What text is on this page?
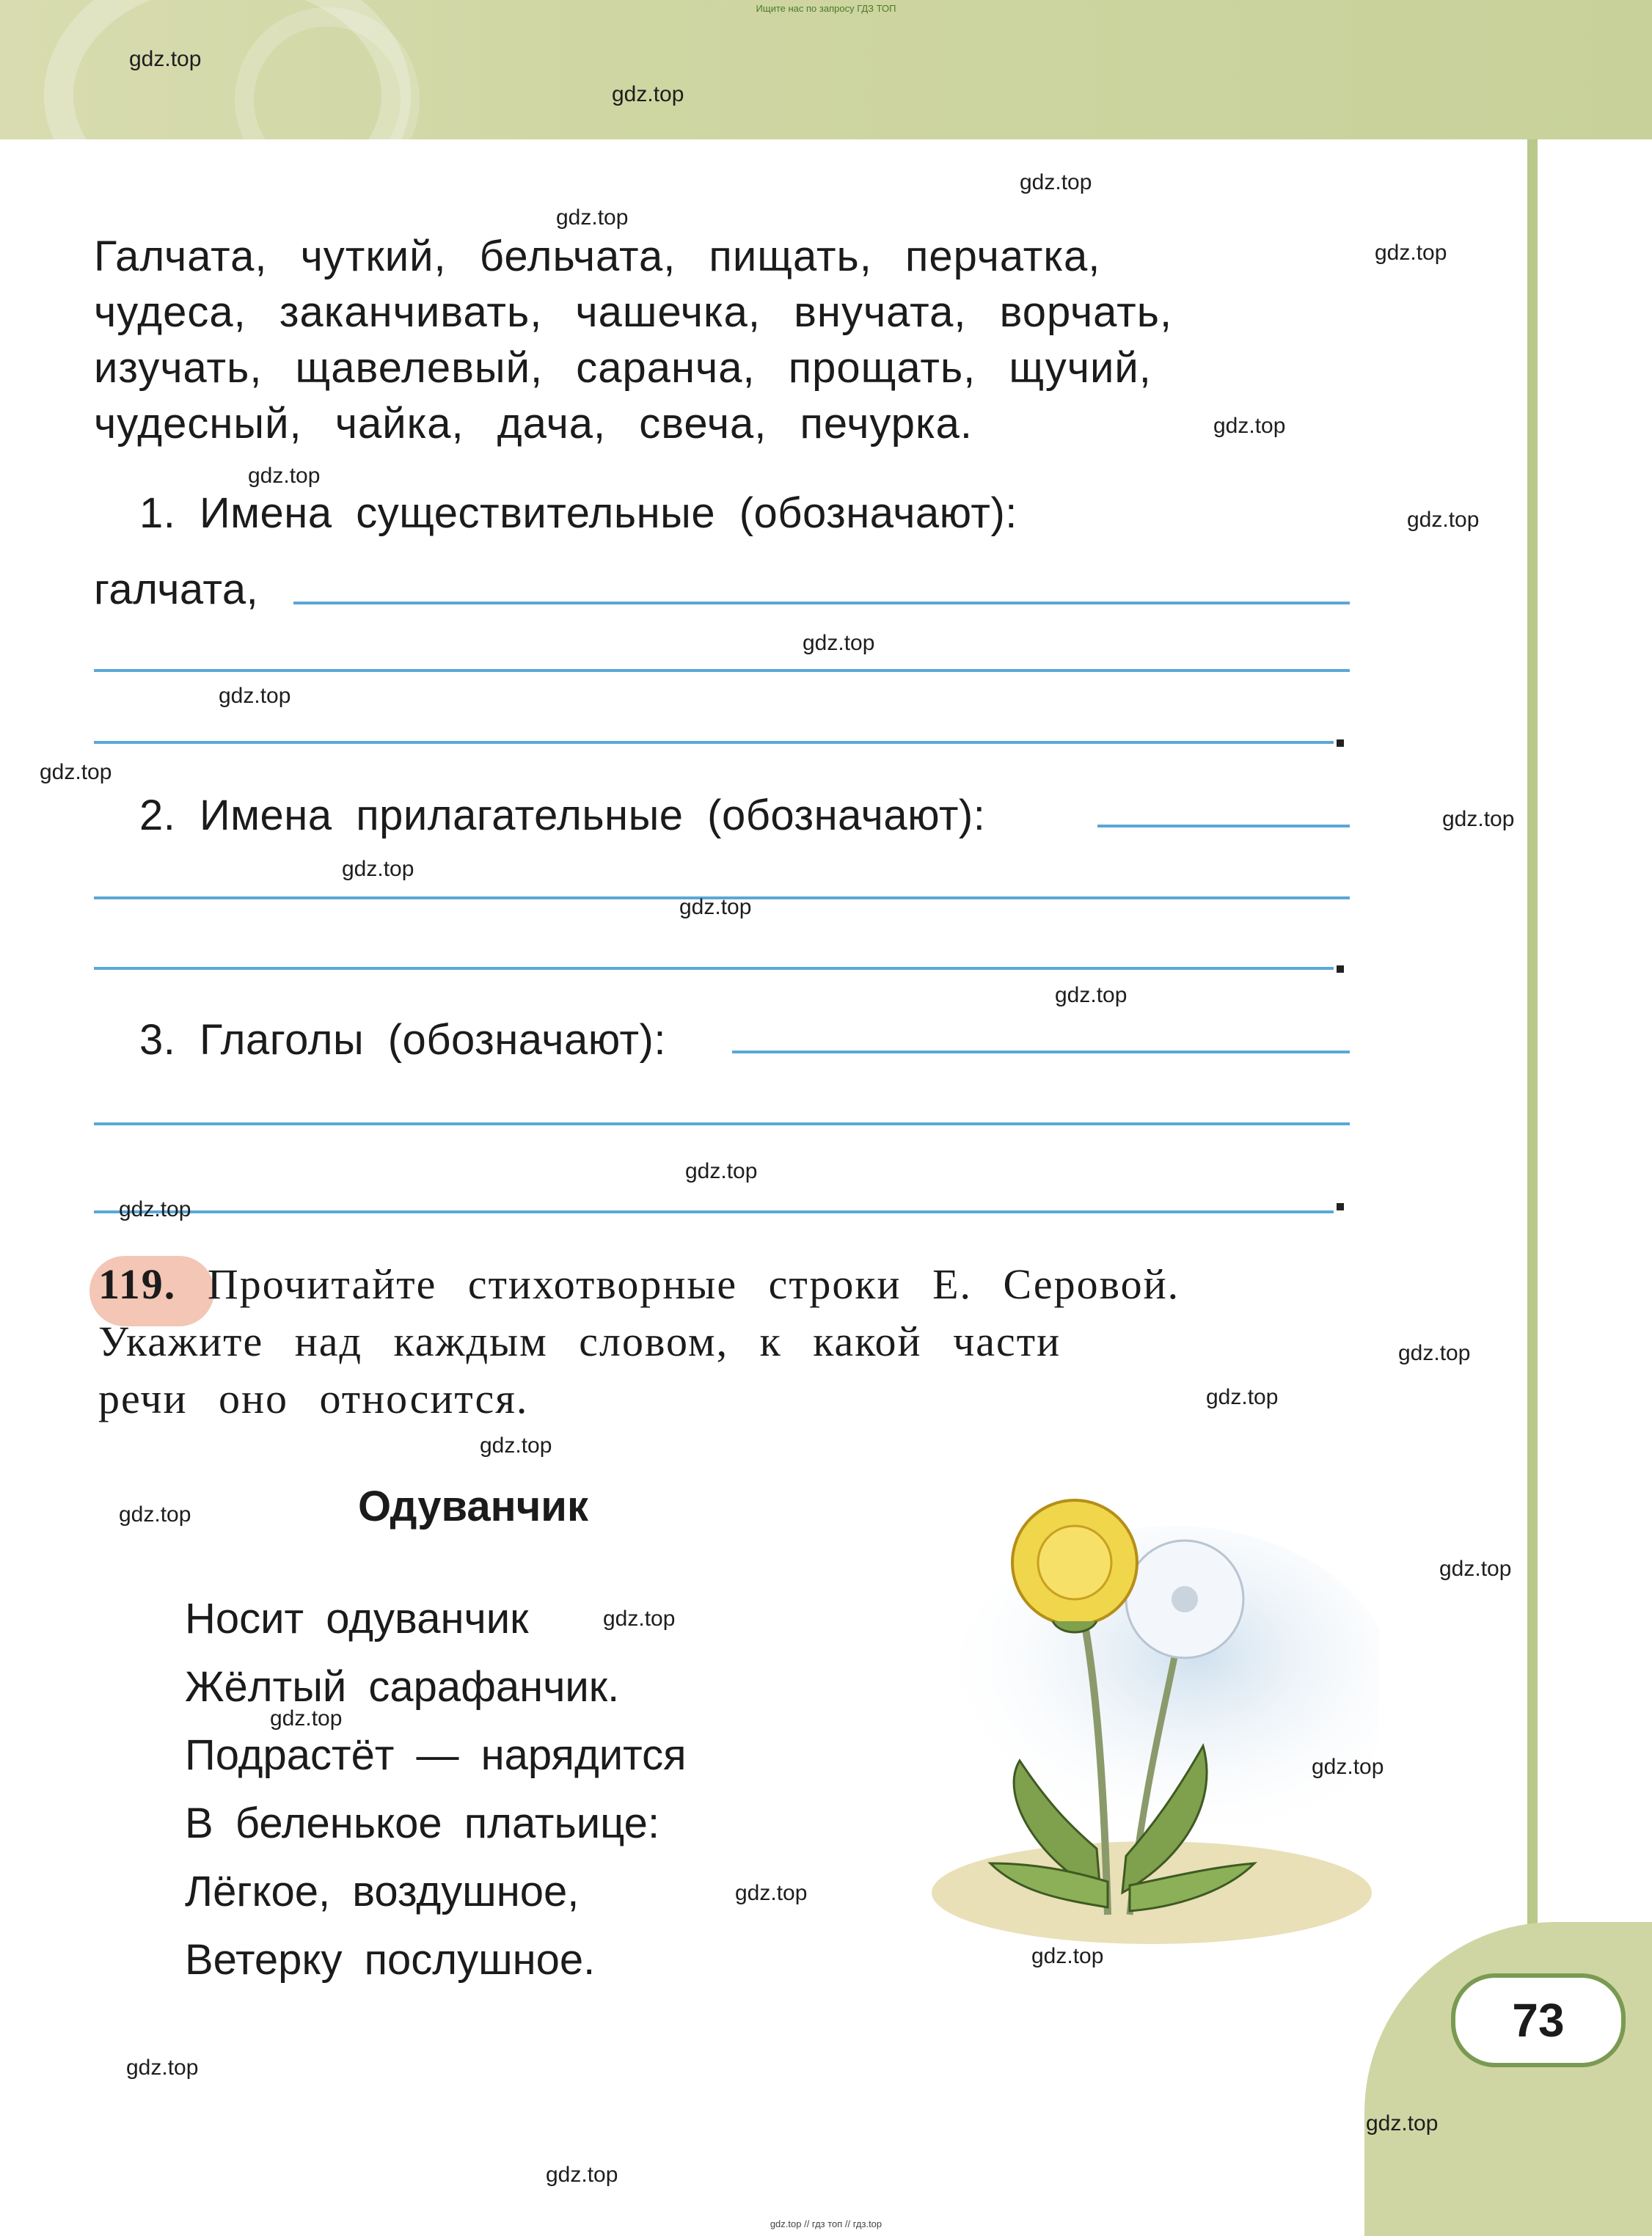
Ищите нас по запросу ГДЗ ТОП
73
Галчата, чуткий, бельчата, пищать, перчатка,
чудеса, заканчивать, чашечка, внучата, ворчать,
изучать, щавелевый, саранча, прощать, щучий,
чудесный, чайка, дача, свеча, печурка.
1. Имена существительные (обозначают):
галчата,
2. Имена прилагательные (обозначают):
3. Глаголы (обозначают):
119. Прочитайте стихотворные строки Е. Серовой.
Укажите над каждым словом, к какой части
речи оно относится.
Одуванчик
Носит одуванчик
Жёлтый сарафанчик.
Подрастёт — нарядится
В беленькое платьице:
Лёгкое, воздушное,
Ветерку послушное.
gdz.top
gdz.top
gdz.top
gdz.top
gdz.top
gdz.top
gdz.top
gdz.top
gdz.top
gdz.top
gdz.top
gdz.top
gdz.top
gdz.top
gdz.top
gdz.top
gdz.top
gdz.top
gdz.top
gdz.top
gdz.top
gdz.top
gdz.top
gdz.top
gdz.top
gdz.top
gdz.top
gdz.top
gdz.top
gdz.top
gdz.top // гдз топ // гдз.top
